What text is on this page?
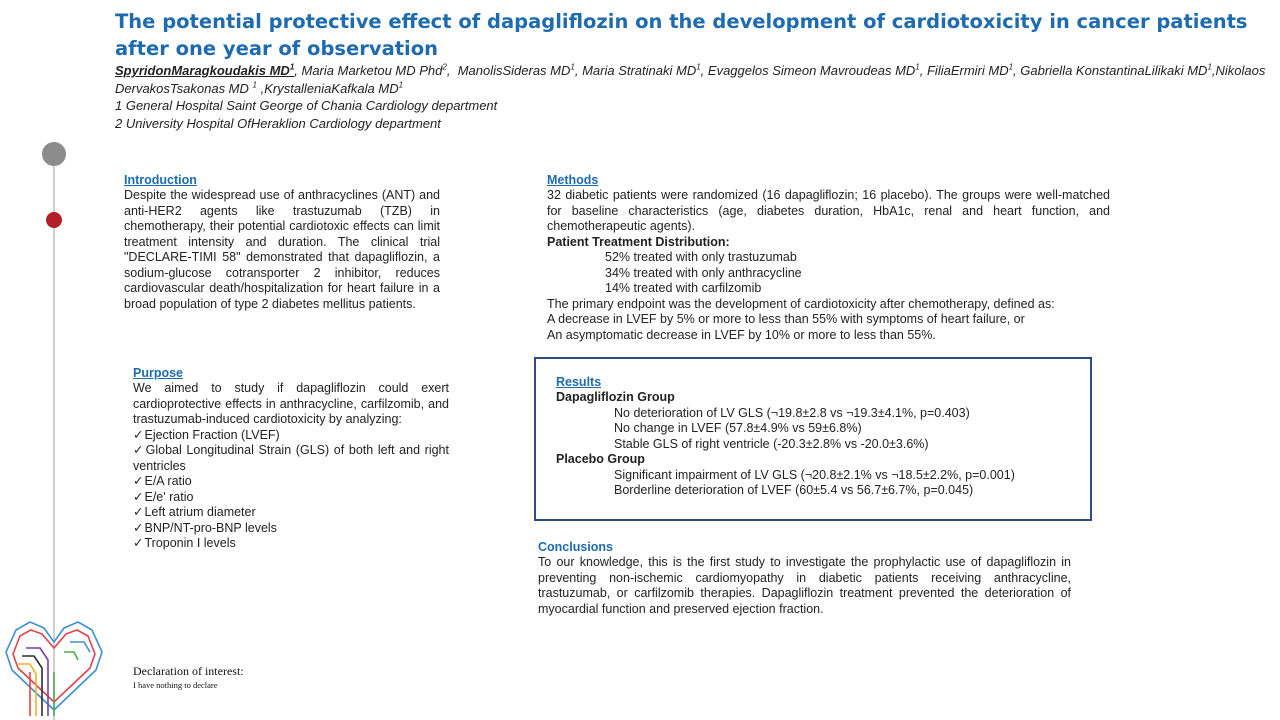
The potential protective effect of dapagliflozin on the development of cardiotoxicity in cancer patients after one year of observation
SpyridonMaragkoudakis $MD^1$, Maria Marketou MD Phd$^2$,  ManolisSideras $MD^1$, Maria Stratinaki $MD^1$, Evaggelos Simeon Mavroudeas $MD^1$, FiliaErmiri $MD^1$, Gabriella KonstantinaLilikaki $MD^1,Nikolaos$ DervakosTsakonas MD $^1$ ,KrystalleniaKafkala $MD^1$
1 General Hospital Saint George of Chania Cardiology department
2 University Hospital OfHeraklion Cardiology department
Introduction
Despite the widespread use of anthracyclines (ANT) and anti-HER2 agents like trastuzumab (TZB) in chemotherapy, their potential cardiotoxic effects can limit treatment intensity and duration. The clinical trial "DECLARE-TIMI 58" demonstrated that dapagliflozin, a sodium-glucose cotransporter 2 inhibitor, reduces cardiovascular death/hospitalization for heart failure in a broad population of type 2 diabetes mellitus patients.
Purpose
We aimed to study if dapagliflozin could exert cardioprotective effects in anthracycline, carfilzomib, and trastuzumab-induced cardiotoxicity by analyzing:
✓ Ejection Fraction (LVEF)
✓ Global Longitudinal Strain (GLS) of both left and right ventricles
✓ E/A ratio
✓ E/e' ratio
✓ Left atrium diameter
✓ BNP/NT-pro-BNP levels
✓ Troponin I levels
Methods
32 diabetic patients were randomized (16 dapagliflozin; 16 placebo). The groups were well-matched for baseline characteristics (age, diabetes duration, HbA1c, renal and heart function, and chemotherapeutic agents).
Patient Treatment Distribution:
52% treated with only trastuzumab
34% treated with only anthracycline
14% treated with carfilzomib
The primary endpoint was the development of cardiotoxicity after chemotherapy, defined as:
A decrease in LVEF by 5% or more to less than 55% with symptoms of heart failure, or
An asymptomatic decrease in LVEF by 10% or more to less than 55%.
Results
Dapagliflozin Group
No deterioration of LV GLS (¬19.8±2.8 vs ¬19.3±4.1%, p=0.403)
No change in LVEF (57.8±4.9% vs 59±6.8%)
Stable GLS of right ventricle (-20.3±2.8% vs -20.0±3.6%)
Placebo Group
Significant impairment of LV GLS (¬20.8±2.1% vs ¬18.5±2.2%, p=0.001)
Borderline deterioration of LVEF (60±5.4 vs 56.7±6.7%, p=0.045)
Conclusions
To our knowledge, this is the first study to investigate the prophylactic use of dapagliflozin in preventing non-ischemic cardiomyopathy in diabetic patients receiving anthracycline, trastuzumab, or carfilzomib therapies. Dapagliflozin treatment prevented the deterioration of myocardial function and preserved ejection fraction.
Declaration of interest:
I have nothing to declare
